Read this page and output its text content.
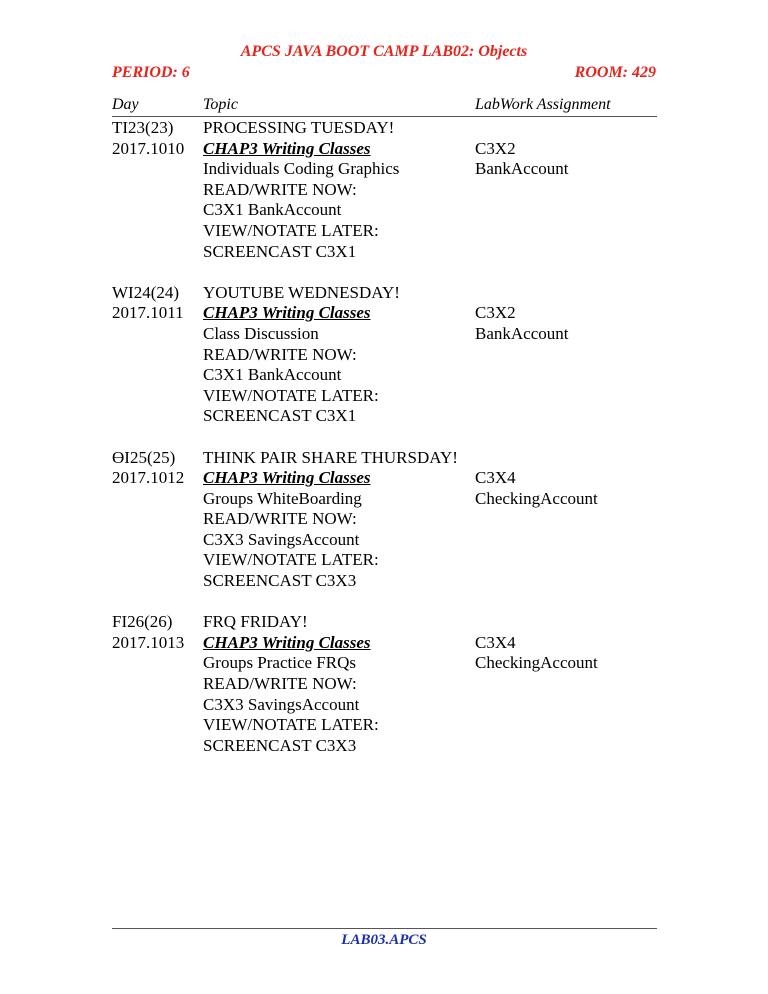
APCS JAVA BOOT CAMP LAB02: Objects
PERIOD: 6	ROOM: 429
Day	Topic	LabWork Assignment
TI23(23) PROCESSING TUESDAY!
2017.1010 CHAP3 Writing Classes	C3X2
Individuals Coding Graphics	BankAccount
READ/WRITE NOW:
C3X1 BankAccount
VIEW/NOTATE LATER:
SCREENCAST C3X1
WI24(24) YOUTUBE WEDNESDAY!
2017.1011 CHAP3 Writing Classes	C3X2
Class Discussion	BankAccount
READ/WRITE NOW:
C3X1 BankAccount
VIEW/NOTATE LATER:
SCREENCAST C3X1
ϴI25(25) THINK PAIR SHARE THURSDAY!
2017.1012 CHAP3 Writing Classes	C3X4
Groups WhiteBoarding	CheckingAccount
READ/WRITE NOW:
C3X3 SavingsAccount
VIEW/NOTATE LATER:
SCREENCAST C3X3
FI26(26) FRQ FRIDAY!
2017.1013 CHAP3 Writing Classes	C3X4
Groups Practice FRQs	CheckingAccount
READ/WRITE NOW:
C3X3 SavingsAccount
VIEW/NOTATE LATER:
SCREENCAST C3X3
LAB03.APCS
